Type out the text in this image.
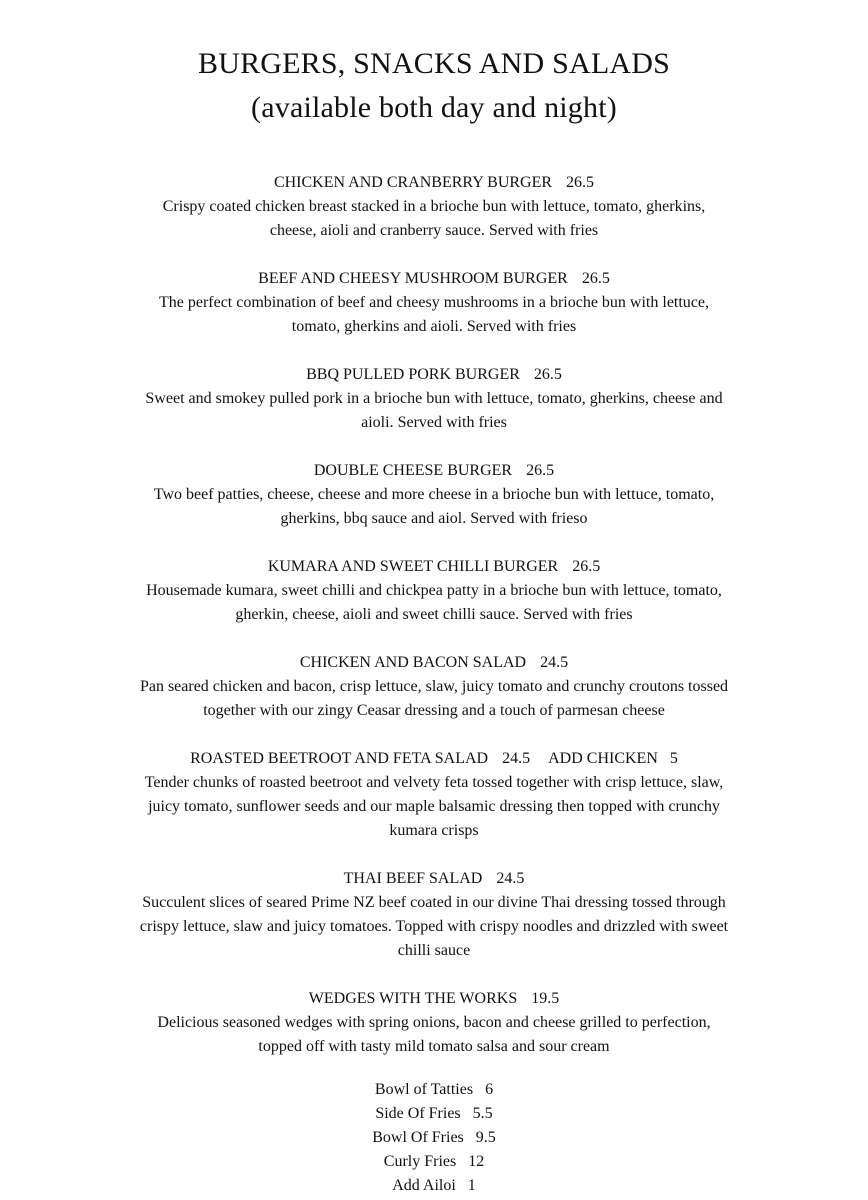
BURGERS, SNACKS AND SALADS
(available both day and night)
CHICKEN AND CRANBERRY BURGER 26.5
Crispy coated chicken breast stacked in a brioche bun with lettuce, tomato, gherkins,
cheese, aioli and cranberry sauce. Served with fries
BEEF AND CHEESY MUSHROOM BURGER 26.5
The perfect combination of beef and cheesy mushrooms in a brioche bun with lettuce,
tomato, gherkins and aioli. Served with fries
BBQ PULLED PORK BURGER 26.5
Sweet and smokey pulled pork in a brioche bun with lettuce, tomato, gherkins, cheese and
aioli. Served with fries
DOUBLE CHEESE BURGER 26.5
Two beef patties, cheese, cheese and more cheese in a brioche bun with lettuce, tomato,
gherkins, bbq sauce and aiol. Served with frieso
KUMARA AND SWEET CHILLI BURGER 26.5
Housemade kumara, sweet chilli and chickpea patty in a brioche bun with lettuce, tomato,
gherkin, cheese, aioli and sweet chilli sauce. Served with fries
CHICKEN AND BACON SALAD 24.5
Pan seared chicken and bacon, crisp lettuce, slaw, juicy tomato and crunchy croutons tossed
together with our zingy Ceasar dressing and a touch of parmesan cheese
ROASTED BEETROOT AND FETA SALAD 24.5 ADD CHICKEN 5
Tender chunks of roasted beetroot and velvety feta tossed together with crisp lettuce, slaw,
juicy tomato, sunflower seeds and our maple balsamic dressing then topped with crunchy
kumara crisps
THAI BEEF SALAD 24.5
Succulent slices of seared Prime NZ beef coated in our divine Thai dressing tossed through
crispy lettuce, slaw and juicy tomatoes. Topped with crispy noodles and drizzled with sweet
chilli sauce
WEDGES WITH THE WORKS 19.5
Delicious seasoned wedges with spring onions, bacon and cheese grilled to perfection,
topped off with tasty mild tomato salsa and sour cream
Bowl of Tatties 6
Side Of Fries 5.5
Bowl Of Fries 9.5
Curly Fries 12
Add Ailoi 1
